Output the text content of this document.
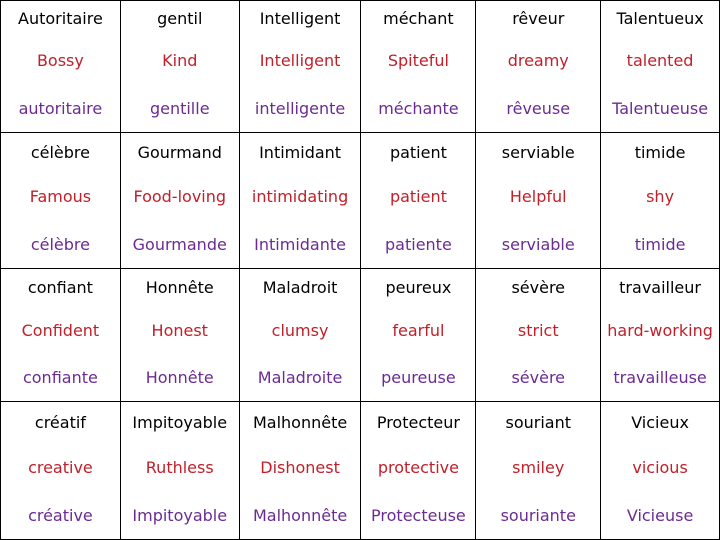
Autoritaire	gentil	Intelligent	méchant	rêveur	Talentueux
Bossy	Kind	Intelligent	Spiteful	dreamy	talented
autoritaire	gentille	intelligente	méchante	rêveuse	Talentueuse
célèbre	Gourmand	Intimidant	patient	serviable	timide
Famous	Food-loving	intimidating	patient	Helpful	shy
célèbre	Gourmande	Intimidante	patiente	serviable	timide
confiant	Honnête	Maladroit	peureux	sévère	travailleur
Confident	Honest	clumsy	fearful	strict	hard-working
confiante	Honnête	Maladroite	peureuse	sévère	travailleuse
créatif	Impitoyable	Malhonnête	Protecteur	souriant	Vicieux
creative	Ruthless	Dishonest	protective	smiley	vicious
créative	Impitoyable	Malhonnête	Protecteuse	souriante	Vicieuse
